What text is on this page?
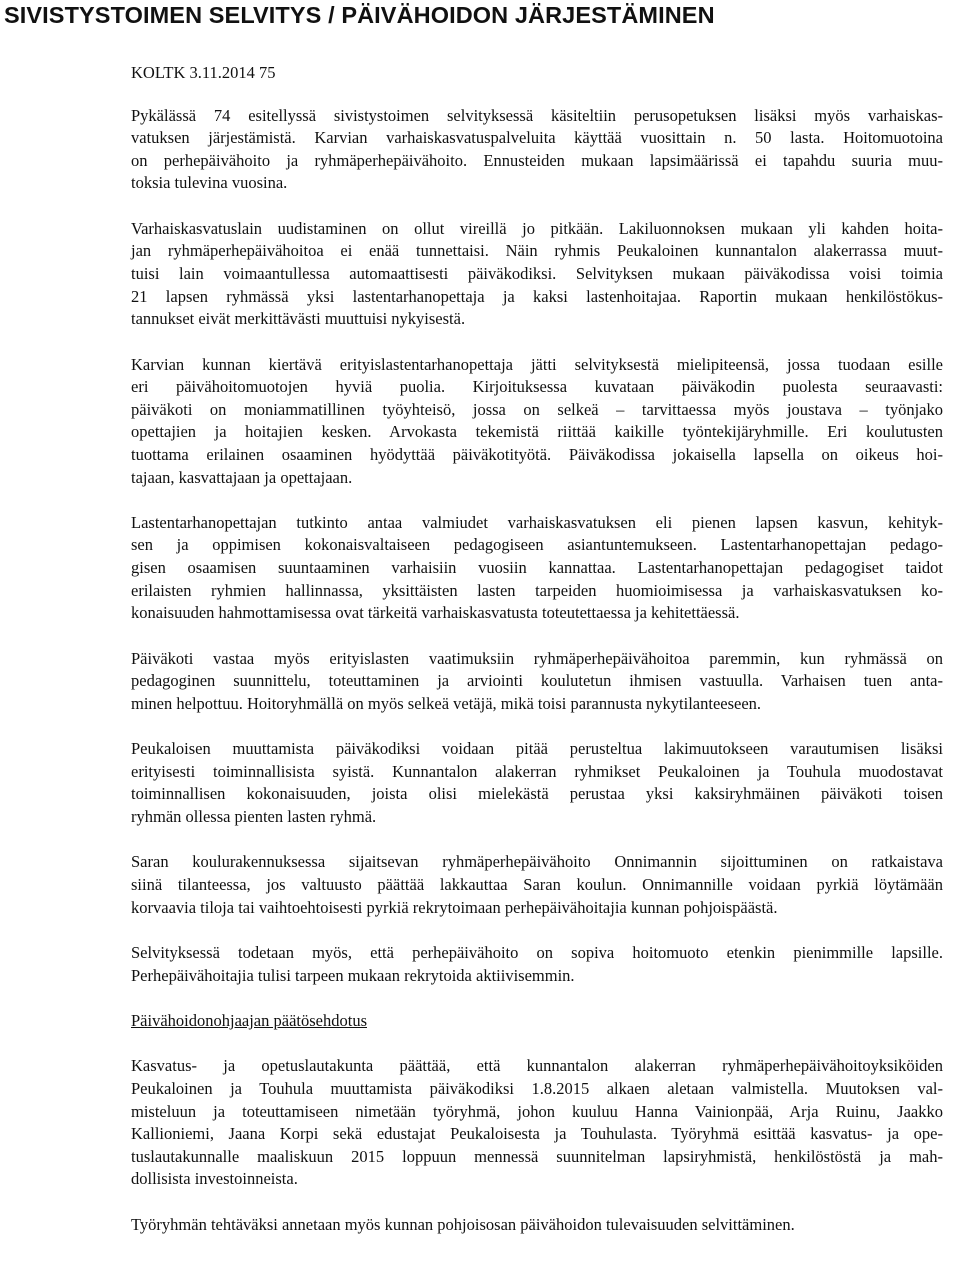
SIVISTYSTOIMEN SELVITYS / PÄIVÄHOIDON JÄRJESTÄMINEN

KOLTK 3.11.2014 75

Pykälässä 74 esitellyssä sivistystoimen selvityksessä käsiteltiin perusopetuksen lisäksi myös varhaiskas-
vatuksen järjestämistä. Karvian varhaiskasvatuspalveluita käyttää vuosittain n. 50 lasta. Hoitomuotoina
on perhepäivähoito ja ryhmäperhepäivähoito. Ennusteiden mukaan lapsimäärissä ei tapahdu suuria muu-
toksia tulevina vuosina.

Varhaiskasvatuslain uudistaminen on ollut vireillä jo pitkään. Lakiluonnoksen mukaan yli kahden hoita-
jan ryhmäperhepäivähoitoa ei enää tunnettaisi. Näin ryhmis Peukaloinen kunnantalon alakerrassa muut-
tuisi lain voimaantullessa automaattisesti päiväkodiksi. Selvityksen mukaan päiväkodissa voisi toimia
21 lapsen ryhmässä yksi lastentarhanopettaja ja kaksi lastenhoitajaa. Raportin mukaan henkilöstökus-
tannukset eivät merkittävästi muuttuisi nykyisestä.

Karvian kunnan kiertävä erityislastentarhanopettaja jätti selvityksestä mielipiteensä, jossa tuodaan esille
eri päivähoitomuotojen hyviä puolia. Kirjoituksessa kuvataan päiväkodin puolesta seuraavasti:
päiväkoti on moniammatillinen työyhteisö, jossa on selkeä – tarvittaessa myös joustava – työnjako
opettajien ja hoitajien kesken. Arvokasta tekemistä riittää kaikille työntekijäryhmille. Eri koulutusten
tuottama erilainen osaaminen hyödyttää päiväkotityötä. Päiväkodissa jokaisella lapsella on oikeus hoi-
tajaan, kasvattajaan ja opettajaan.

Lastentarhanopettajan tutkinto antaa valmiudet varhaiskasvatuksen eli pienen lapsen kasvun, kehityk-
sen ja oppimisen kokonaisvaltaiseen pedagogiseen asiantuntemukseen. Lastentarhanopettajan pedago-
gisen osaamisen suuntaaminen varhaisiin vuosiin kannattaa. Lastentarhanopettajan pedagogiset taidot
erilaisten ryhmien hallinnassa, yksittäisten lasten tarpeiden huomioimisessa ja varhaiskasvatuksen ko-
konaisuuden hahmottamisessa ovat tärkeitä varhaiskasvatusta toteutettaessa ja kehitettäessä.

Päiväkoti vastaa myös erityislasten vaatimuksiin ryhmäperhepäivähoitoa paremmin, kun ryhmässä on
pedagoginen suunnittelu, toteuttaminen ja arviointi koulutetun ihmisen vastuulla. Varhaisen tuen anta-
minen helpottuu. Hoitoryhmällä on myös selkeä vetäjä, mikä toisi parannusta nykytilanteeseen.

Peukaloisen muuttamista päiväkodiksi voidaan pitää perusteltua lakimuutokseen varautumisen lisäksi
erityisesti toiminnallisista syistä. Kunnantalon alakerran ryhmikset Peukaloinen ja Touhula muodostavat
toiminnallisen kokonaisuuden, joista olisi mielekästä perustaa yksi kaksiryhmäinen päiväkoti toisen
ryhmän ollessa pienten lasten ryhmä.

Saran koulurakennuksessa sijaitsevan ryhmäperhepäivähoito Onnimannin sijoittuminen on ratkaistava
siinä tilanteessa, jos valtuusto päättää lakkauttaa Saran koulun. Onnimannille voidaan pyrkiä löytämään
korvaavia tiloja tai vaihtoehtoisesti pyrkiä rekrytoimaan perhepäivähoitajia kunnan pohjoispäästä.

Selvityksessä todetaan myös, että perhepäivähoito on sopiva hoitomuoto etenkin pienimmille lapsille.
Perhepäivähoitajia tulisi tarpeen mukaan rekrytoida aktiivisemmin.

Päivähoidonohjaajan päätösehdotus

Kasvatus- ja opetuslautakunta päättää, että kunnantalon alakerran ryhmäperhepäivähoitoyksiköiden
Peukaloinen ja Touhula muuttamista päiväkodiksi 1.8.2015 alkaen aletaan valmistella. Muutoksen val-
misteluun ja toteuttamiseen nimetään työryhmä, johon kuuluu Hanna Vainionpää, Arja Ruinu, Jaakko
Kallioniemi, Jaana Korpi sekä edustajat Peukaloisesta ja Touhulasta. Työryhmä esittää kasvatus- ja ope-
tuslautakunnalle maaliskuun 2015 loppuun mennessä suunnitelman lapsiryhmistä, henkilöstöstä ja mah-
dollisista investoinneista.

Työryhmän tehtäväksi annetaan myös kunnan pohjoisosan päivähoidon tulevaisuuden selvittäminen.
